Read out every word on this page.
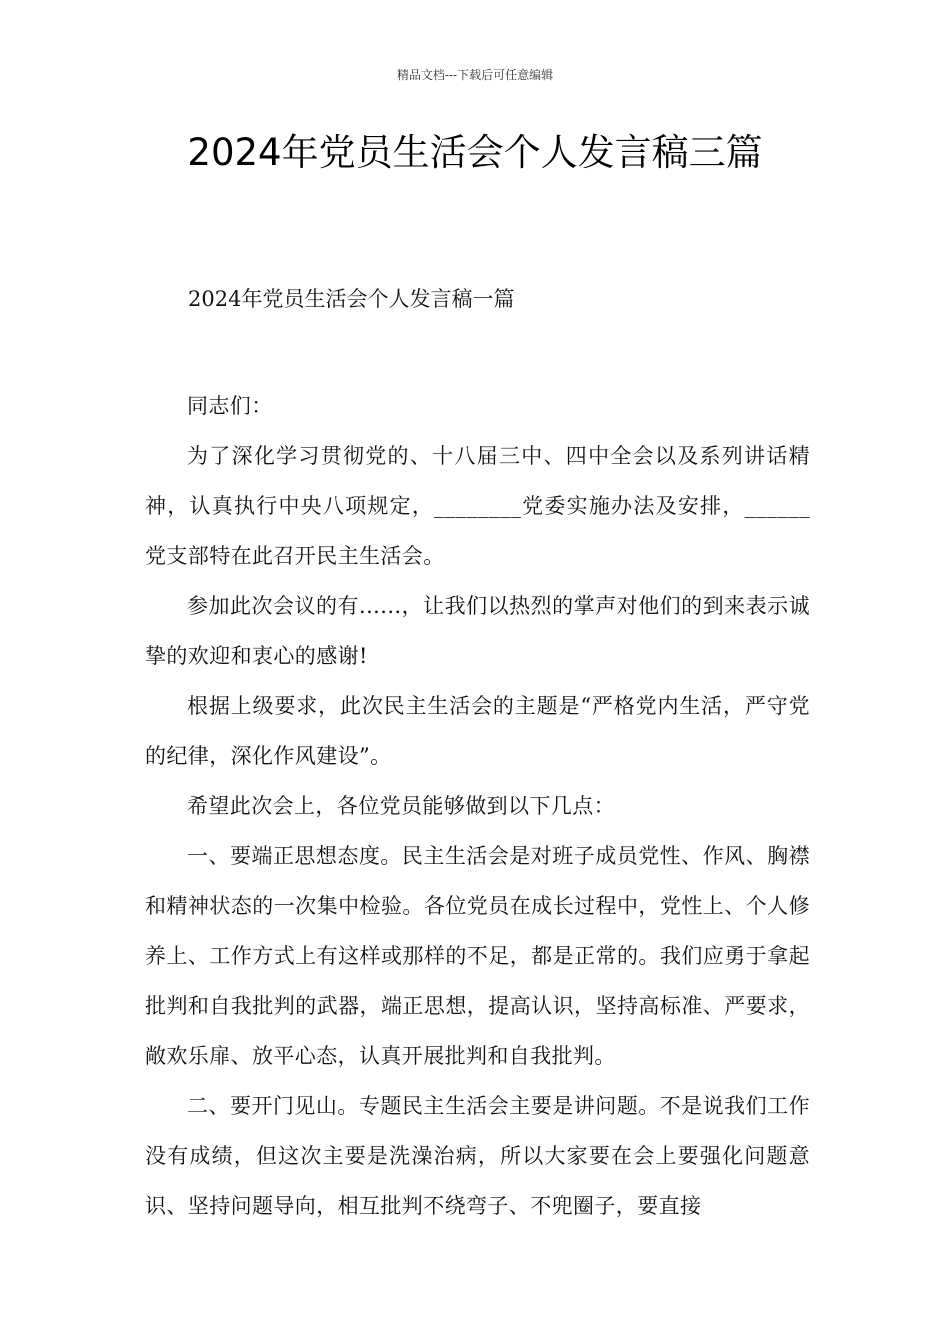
精品文档---下载后可任意编辑
2024年党员生活会个人发言稿三篇
2024年党员生活会个人发言稿一篇

同志们：

为了深化学习贯彻党的、十八届三中、四中全会以及系列讲话精神，认真执行中央八项规定，________党委实施办法及安排，______党支部特在此召开民主生活会。

参加此次会议的有......，让我们以热烈的掌声对他们的到来表示诚挚的欢迎和衷心的感谢!

根据上级要求，此次民主生活会的主题是“严格党内生活，严守党的纪律，深化作风建设”。

希望此次会上，各位党员能够做到以下几点：

一、要端正思想态度。民主生活会是对班子成员党性、作风、胸襟和精神状态的一次集中检验。各位党员在成长过程中，党性上、个人修养上、工作方式上有这样或那样的不足，都是正常的。我们应勇于拿起批判和自我批判的武器，端正思想，提高认识，坚持高标准、严要求，敞欢乐扉、放平心态，认真开展批判和自我批判。

二、要开门见山。专题民主生活会主要是讲问题。不是说我们工作没有成绩，但这次主要是洗澡治病，所以大家要在会上要强化问题意识、坚持问题导向，相互批判不绕弯子、不兜圈子，要直接
